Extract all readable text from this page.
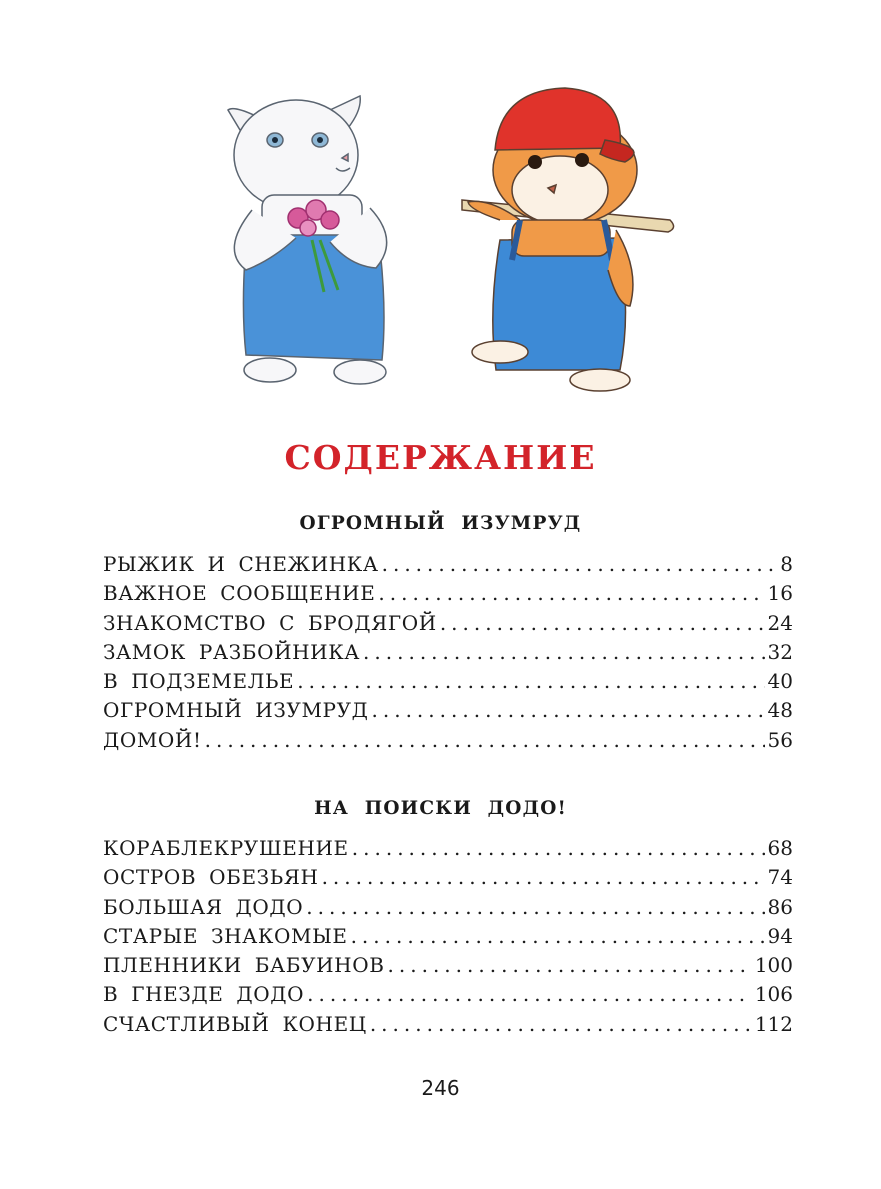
СОДЕРЖАНИЕ
ОГРОМНЫЙ ИЗУМРУД
РЫЖИК И СНЕЖИНКА .....	8
ВАЖНОЕ СООБЩЕНИЕ .....	16
ЗНАКОМСТВО С БРОДЯГОЙ .....	24
ЗАМОК РАЗБОЙНИКА .....	32
В ПОДЗЕМЕЛЬЕ .....	40
ОГРОМНЫЙ ИЗУМРУД .....	48
ДОМОЙ! .....	56
НА ПОИСКИ ДОДО!
КОРАБЛЕКРУШЕНИЕ .....	68
ОСТРОВ ОБЕЗЬЯН .....	74
БОЛЬШАЯ ДОДО .....	86
СТАРЫЕ ЗНАКОМЫЕ .....	94
ПЛЕННИКИ БАБУИНОВ .....	100
В ГНЕЗДЕ ДОДО .....	106
СЧАСТЛИВЫЙ КОНЕЦ .....	112
246
